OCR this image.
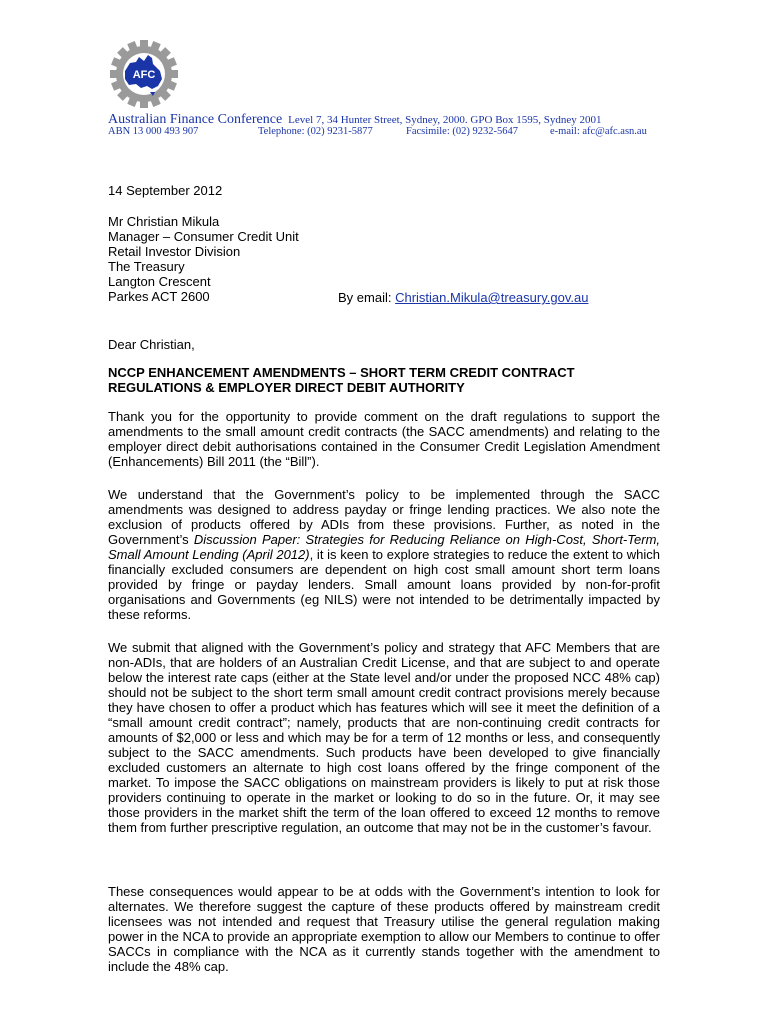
AFC
Australian Finance Conference Level 7, 34 Hunter Street, Sydney, 2000. GPO Box 1595, Sydney 2001
ABN 13 000 493 907	Telephone: (02) 9231-5877	Facsimile: (02) 9232-5647	e-mail: afc@afc.asn.au
14 September 2012
Mr Christian Mikula
Manager – Consumer Credit Unit
Retail Investor Division
The Treasury
Langton Crescent
Parkes ACT 2600	By email: Christian.Mikula@treasury.gov.au
Dear Christian,
NCCP ENHANCEMENT AMENDMENTS – SHORT TERM CREDIT CONTRACT REGULATIONS & EMPLOYER DIRECT DEBIT AUTHORITY

Thank you for the opportunity to provide comment on the draft regulations to support the amendments to the small amount credit contracts (the SACC amendments) and relating to the employer direct debit authorisations contained in the Consumer Credit Legislation Amendment (Enhancements) Bill 2011 (the “Bill”).

We understand that the Government’s policy to be implemented through the SACC amendments was designed to address payday or fringe lending practices. We also note the exclusion of products offered by ADIs from these provisions. Further, as noted in the Government’s Discussion Paper: Strategies for Reducing Reliance on High-Cost, Short-Term, Small Amount Lending (April 2012), it is keen to explore strategies to reduce the extent to which financially excluded consumers are dependent on high cost small amount short term loans provided by fringe or payday lenders. Small amount loans provided by non-for-profit organisations and Governments (eg NILS) were not intended to be detrimentally impacted by these reforms.

We submit that aligned with the Government’s policy and strategy that AFC Members that are non-ADIs, that are holders of an Australian Credit License, and that are subject to and operate below the interest rate caps (either at the State level and/or under the proposed NCC 48% cap) should not be subject to the short term small amount credit contract provisions merely because they have chosen to offer a product which has features which will see it meet the definition of a “small amount credit contract”; namely, products that are non-continuing credit contracts for amounts of $2,000 or less and which may be for a term of 12 months or less, and consequently subject to the SACC amendments. Such products have been developed to give financially excluded customers an alternate to high cost loans offered by the fringe component of the market. To impose the SACC obligations on mainstream providers is likely to put at risk those providers continuing to operate in the market or looking to do so in the future. Or, it may see those providers in the market shift the term of the loan offered to exceed 12 months to remove them from further prescriptive regulation, an outcome that may not be in the customer’s favour.

These consequences would appear to be at odds with the Government’s intention to look for alternates. We therefore suggest the capture of these products offered by mainstream credit licensees was not intended and request that Treasury utilise the general regulation making power in the NCA to provide an appropriate exemption to allow our Members to continue to offer SACCs in compliance with the NCA as it currently stands together with the amendment to include the 48% cap.
